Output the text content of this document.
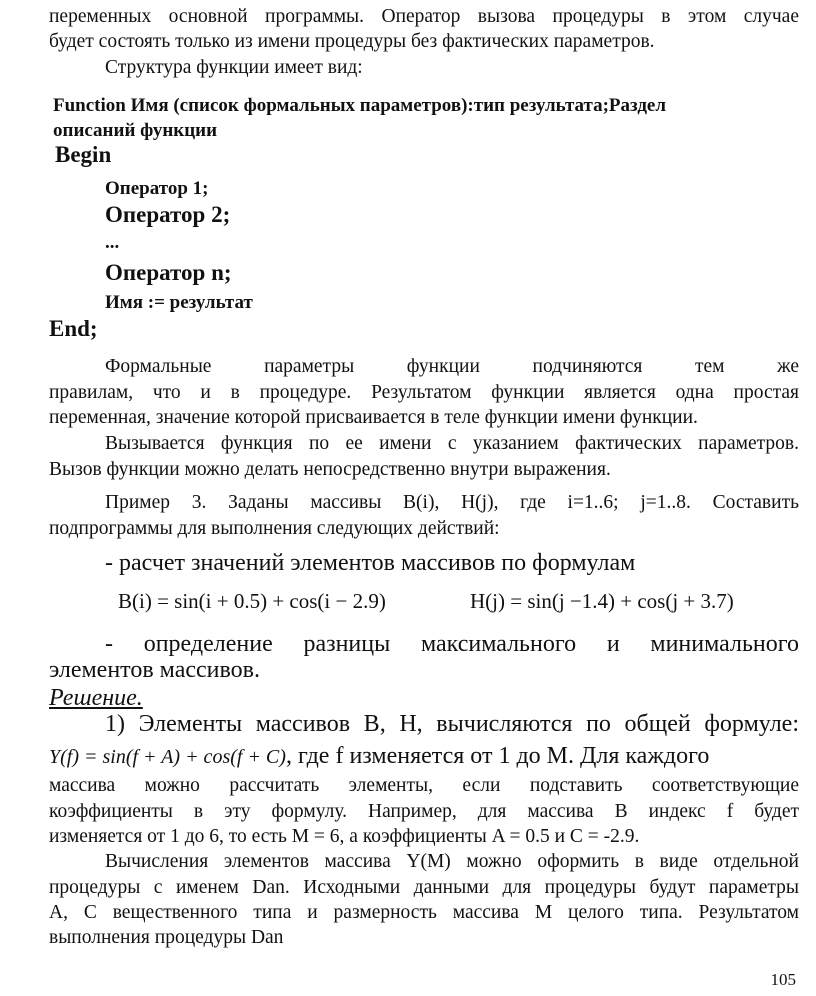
переменных основной программы. Оператор вызова процедуры в этом случае
будет состоять только из имени процедуры без фактических параметров.
Структура функции имеет вид:
Function Имя (список формальных параметров):тип результата;Раздел
описаний функции
Begin
Оператор 1;
Оператор 2;
...
Оператор n;
Имя := результат
End;
Формальные параметры функции подчиняются тем же
правилам, что и в процедуре. Результатом функции является одна простая
переменная, значение которой присваивается в теле функции имени функции.
Вызывается функция по ее имени с указанием фактических параметров.
Вызов функции можно делать непосредственно внутри выражения.
Пример 3. Заданы массивы B(i), H(j), где i=1..6; j=1..8. Составить
подпрограммы для выполнения следующих действий:
- расчет значений элементов массивов по формулам
B(i) = sin(i + 0.5) + cos(i − 2.9)	H(j) = sin(j −1.4) + cos(j + 3.7)
- определение разницы максимального и минимального
элементов массивов.
Решение.
1) Элементы массивов B, H, вычисляются по общей формуле:
Y(f) = sin(f + A) + cos(f + C) , где f изменяется от 1 до M. Для каждого
массива можно рассчитать элементы, если подставить соответствующие
коэффициенты в эту формулу. Например, для массива B индекс f будет
изменяется от 1 до 6, то есть M = 6, а коэффициенты A = 0.5 и C = -2.9.
Вычисления элементов массива Y(M) можно оформить в виде отдельной
процедуры с именем Dan. Исходными данными для процедуры будут параметры
A, C вещественного типа и размерность массива M целого типа. Результатом
выполнения процедуры Dan
105
